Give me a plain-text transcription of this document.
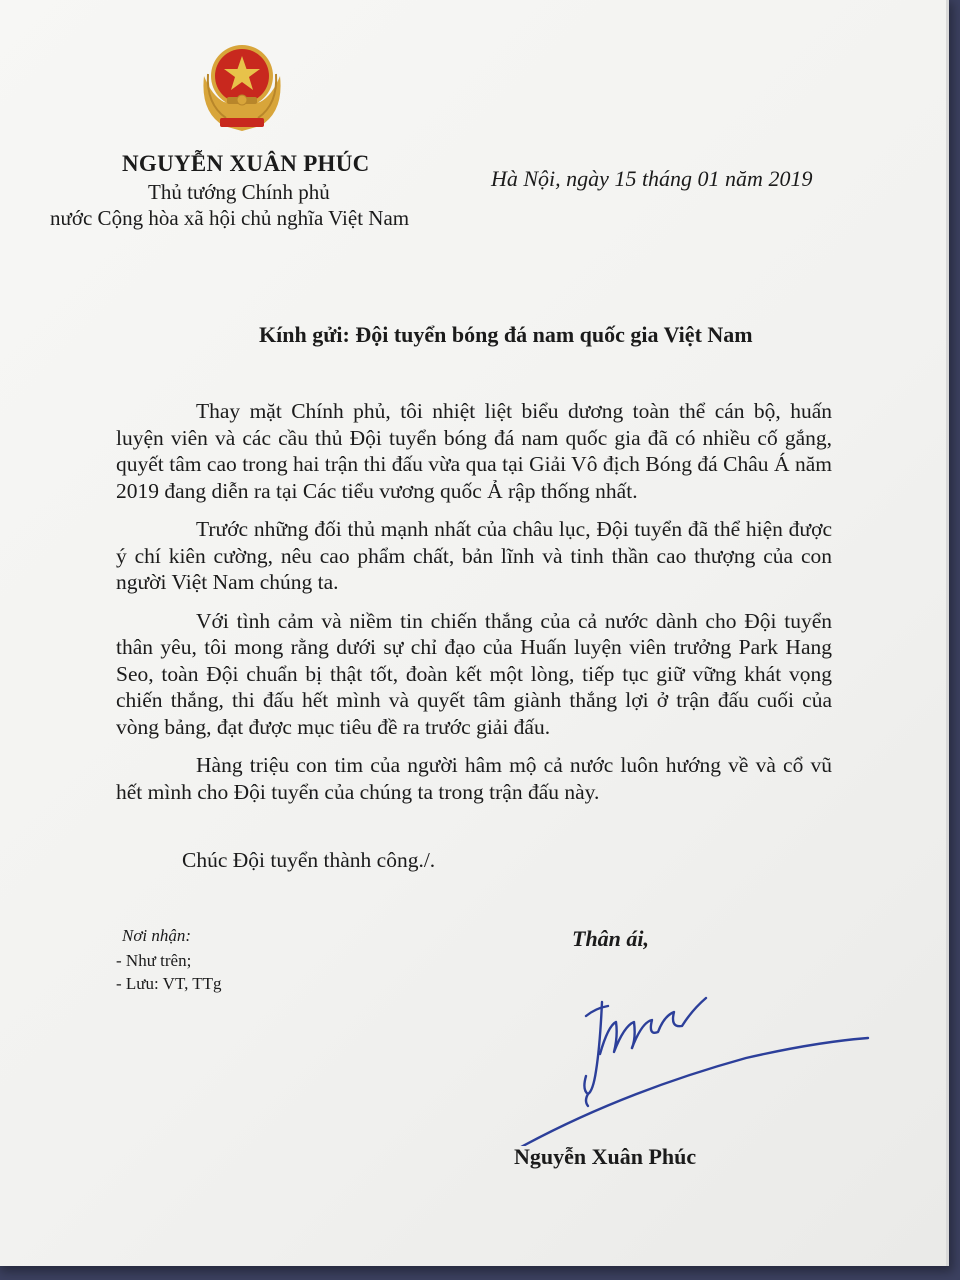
NGUYỄN XUÂN PHÚC

Thủ tướng Chính phủ

nước Cộng hòa xã hội chủ nghĩa Việt Nam

Hà Nội, ngày 15 tháng 01 năm 2019

Kính gửi: Đội tuyển bóng đá nam quốc gia Việt Nam

Thay mặt Chính phủ, tôi nhiệt liệt biểu dương toàn thể cán bộ, huấn luyện viên và các cầu thủ Đội tuyển bóng đá nam quốc gia đã có nhiều cố gắng, quyết tâm cao trong hai trận thi đấu vừa qua tại Giải Vô địch Bóng đá Châu Á năm 2019 đang diễn ra tại Các tiểu vương quốc Ả rập thống nhất.

Trước những đối thủ mạnh nhất của châu lục, Đội tuyển đã thể hiện được ý chí kiên cường, nêu cao phẩm chất, bản lĩnh và tinh thần cao thượng của con người Việt Nam chúng ta.

Với tình cảm và niềm tin chiến thắng của cả nước dành cho Đội tuyển thân yêu, tôi mong rằng dưới sự chỉ đạo của Huấn luyện viên trưởng Park Hang Seo, toàn Đội chuẩn bị thật tốt, đoàn kết một lòng, tiếp tục giữ vững khát vọng chiến thắng, thi đấu hết mình và quyết tâm giành thắng lợi ở trận đấu cuối của vòng bảng, đạt được mục tiêu đề ra trước giải đấu.

Hàng triệu con tim của người hâm mộ cả nước luôn hướng về và cổ vũ hết mình cho Đội tuyển của chúng ta trong trận đấu này.

Chúc Đội tuyển thành công./.

Nơi nhận:

- Như trên;

- Lưu: VT, TTg

Thân ái,

Nguyễn Xuân Phúc
